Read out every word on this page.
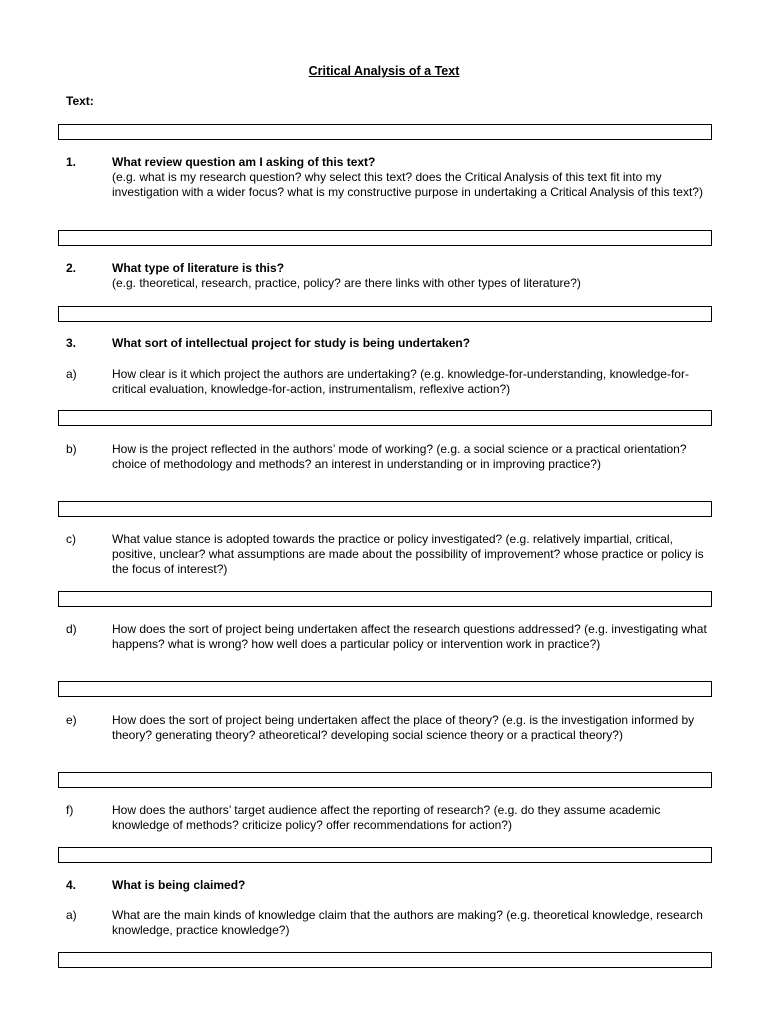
Critical Analysis of a Text
Text:
1.	What review question am I asking of this text?
(e.g. what is my research question? why select this text? does the Critical Analysis of this text fit into my investigation with a wider focus? what is my constructive purpose in undertaking a Critical Analysis of this text?)
2.	What type of literature is this?
(e.g. theoretical, research, practice, policy? are there links with other types of literature?)
3.	What sort of intellectual project for study is being undertaken?
a)	How clear is it which project the authors are undertaking? (e.g. knowledge-for-understanding, knowledge-for-critical evaluation, knowledge-for-action, instrumentalism, reflexive action?)
b)	How is the project reflected in the authors’ mode of working? (e.g. a social science or a practical orientation? choice of methodology and methods? an interest in understanding or in improving practice?)
c)	What value stance is adopted towards the practice or policy investigated? (e.g. relatively impartial, critical, positive, unclear? what assumptions are made about the possibility of improvement? whose practice or policy is the focus of interest?)
d)	How does the sort of project being undertaken affect the research questions addressed? (e.g. investigating what happens? what is wrong? how well does a particular policy or intervention work in practice?)
e)	How does the sort of project being undertaken affect the place of theory? (e.g. is the investigation informed by theory? generating theory? atheoretical? developing social science theory or a practical theory?)
f)	How does the authors’ target audience affect the reporting of research? (e.g. do they assume academic knowledge of methods? criticize policy? offer recommendations for action?)
4.	What is being claimed?
a)	What are the main kinds of knowledge claim that the authors are making? (e.g. theoretical knowledge, research knowledge, practice knowledge?)
